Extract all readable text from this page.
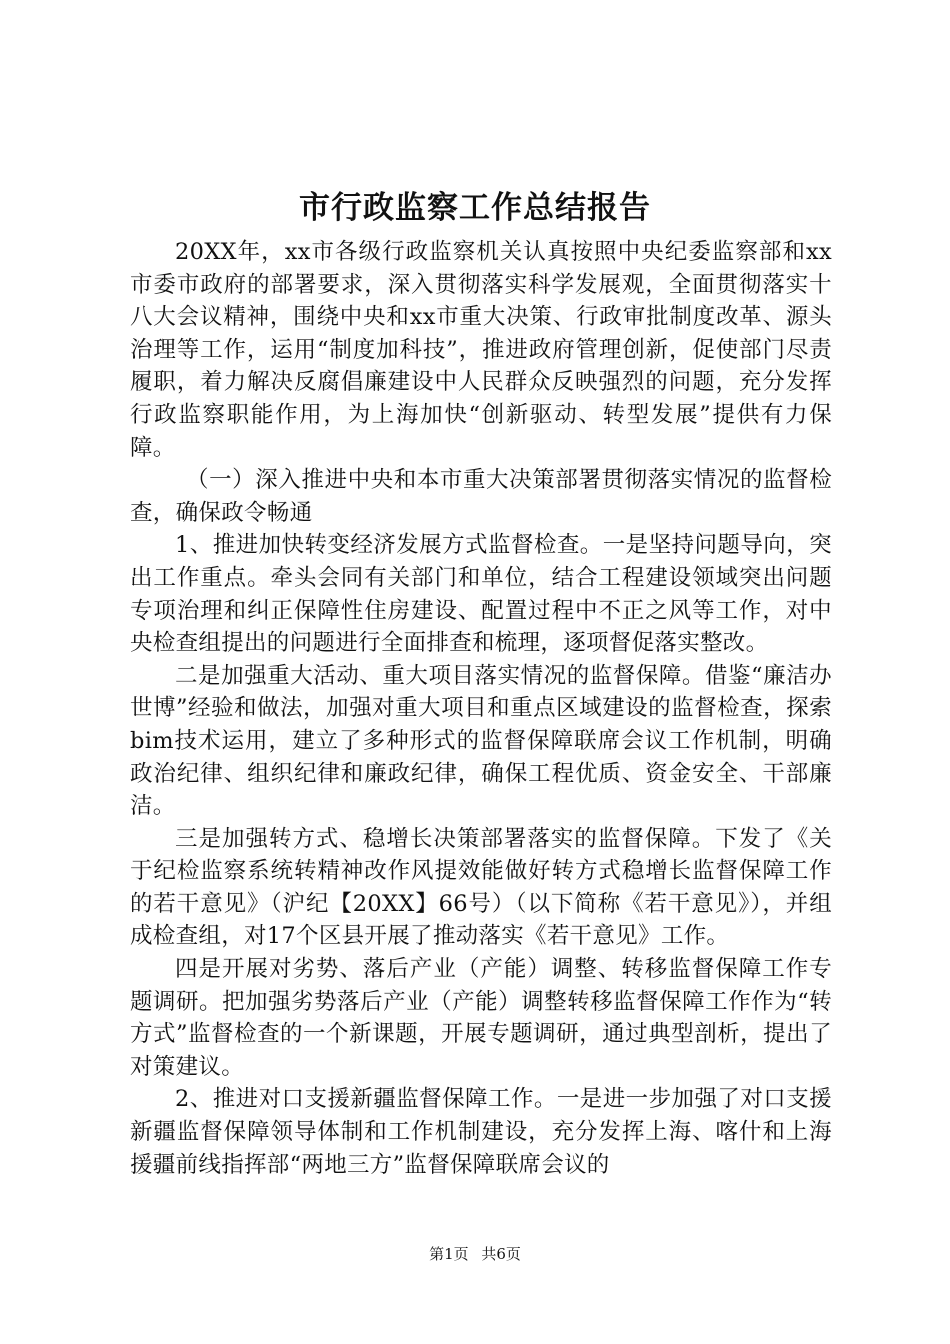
市行政监察工作总结报告

20XX年，xx市各级行政监察机关认真按照中央纪委监察部和xx市委市政府的部署要求，深入贯彻落实科学发展观，全面贯彻落实十八大会议精神，围绕中央和xx市重大决策、行政审批制度改革、源头治理等工作，运用“制度加科技”，推进政府管理创新，促使部门尽责履职，着力解决反腐倡廉建设中人民群众反映强烈的问题，充分发挥行政监察职能作用，为上海加快“创新驱动、转型发展”提供有力保障。

（一）深入推进中央和本市重大决策部署贯彻落实情况的监督检查，确保政令畅通

1、推进加快转变经济发展方式监督检查。一是坚持问题导向，突出工作重点。牵头会同有关部门和单位，结合工程建设领域突出问题专项治理和纠正保障性住房建设、配置过程中不正之风等工作，对中央检查组提出的问题进行全面排查和梳理，逐项督促落实整改。

二是加强重大活动、重大项目落实情况的监督保障。借鉴“廉洁办世博”经验和做法，加强对重大项目和重点区域建设的监督检查，探索bim技术运用，建立了多种形式的监督保障联席会议工作机制，明确政治纪律、组织纪律和廉政纪律，确保工程优质、资金安全、干部廉洁。

三是加强转方式、稳增长决策部署落实的监督保障。下发了《关于纪检监察系统转精神改作风提效能做好转方式稳增长监督保障工作的若干意见》（沪纪【20XX】66号）（以下简称《若干意见》），并组成检查组，对17个区县开展了推动落实《若干意见》工作。

四是开展对劣势、落后产业（产能）调整、转移监督保障工作专题调研。把加强劣势落后产业（产能）调整转移监督保障工作作为“转方式”监督检查的一个新课题，开展专题调研，通过典型剖析，提出了对策建议。

2、推进对口支援新疆监督保障工作。一是进一步加强了对口支援新疆监督保障领导体制和工作机制建设，充分发挥上海、喀什和上海援疆前线指挥部“两地三方”监督保障联席会议的

第1页 共6页
